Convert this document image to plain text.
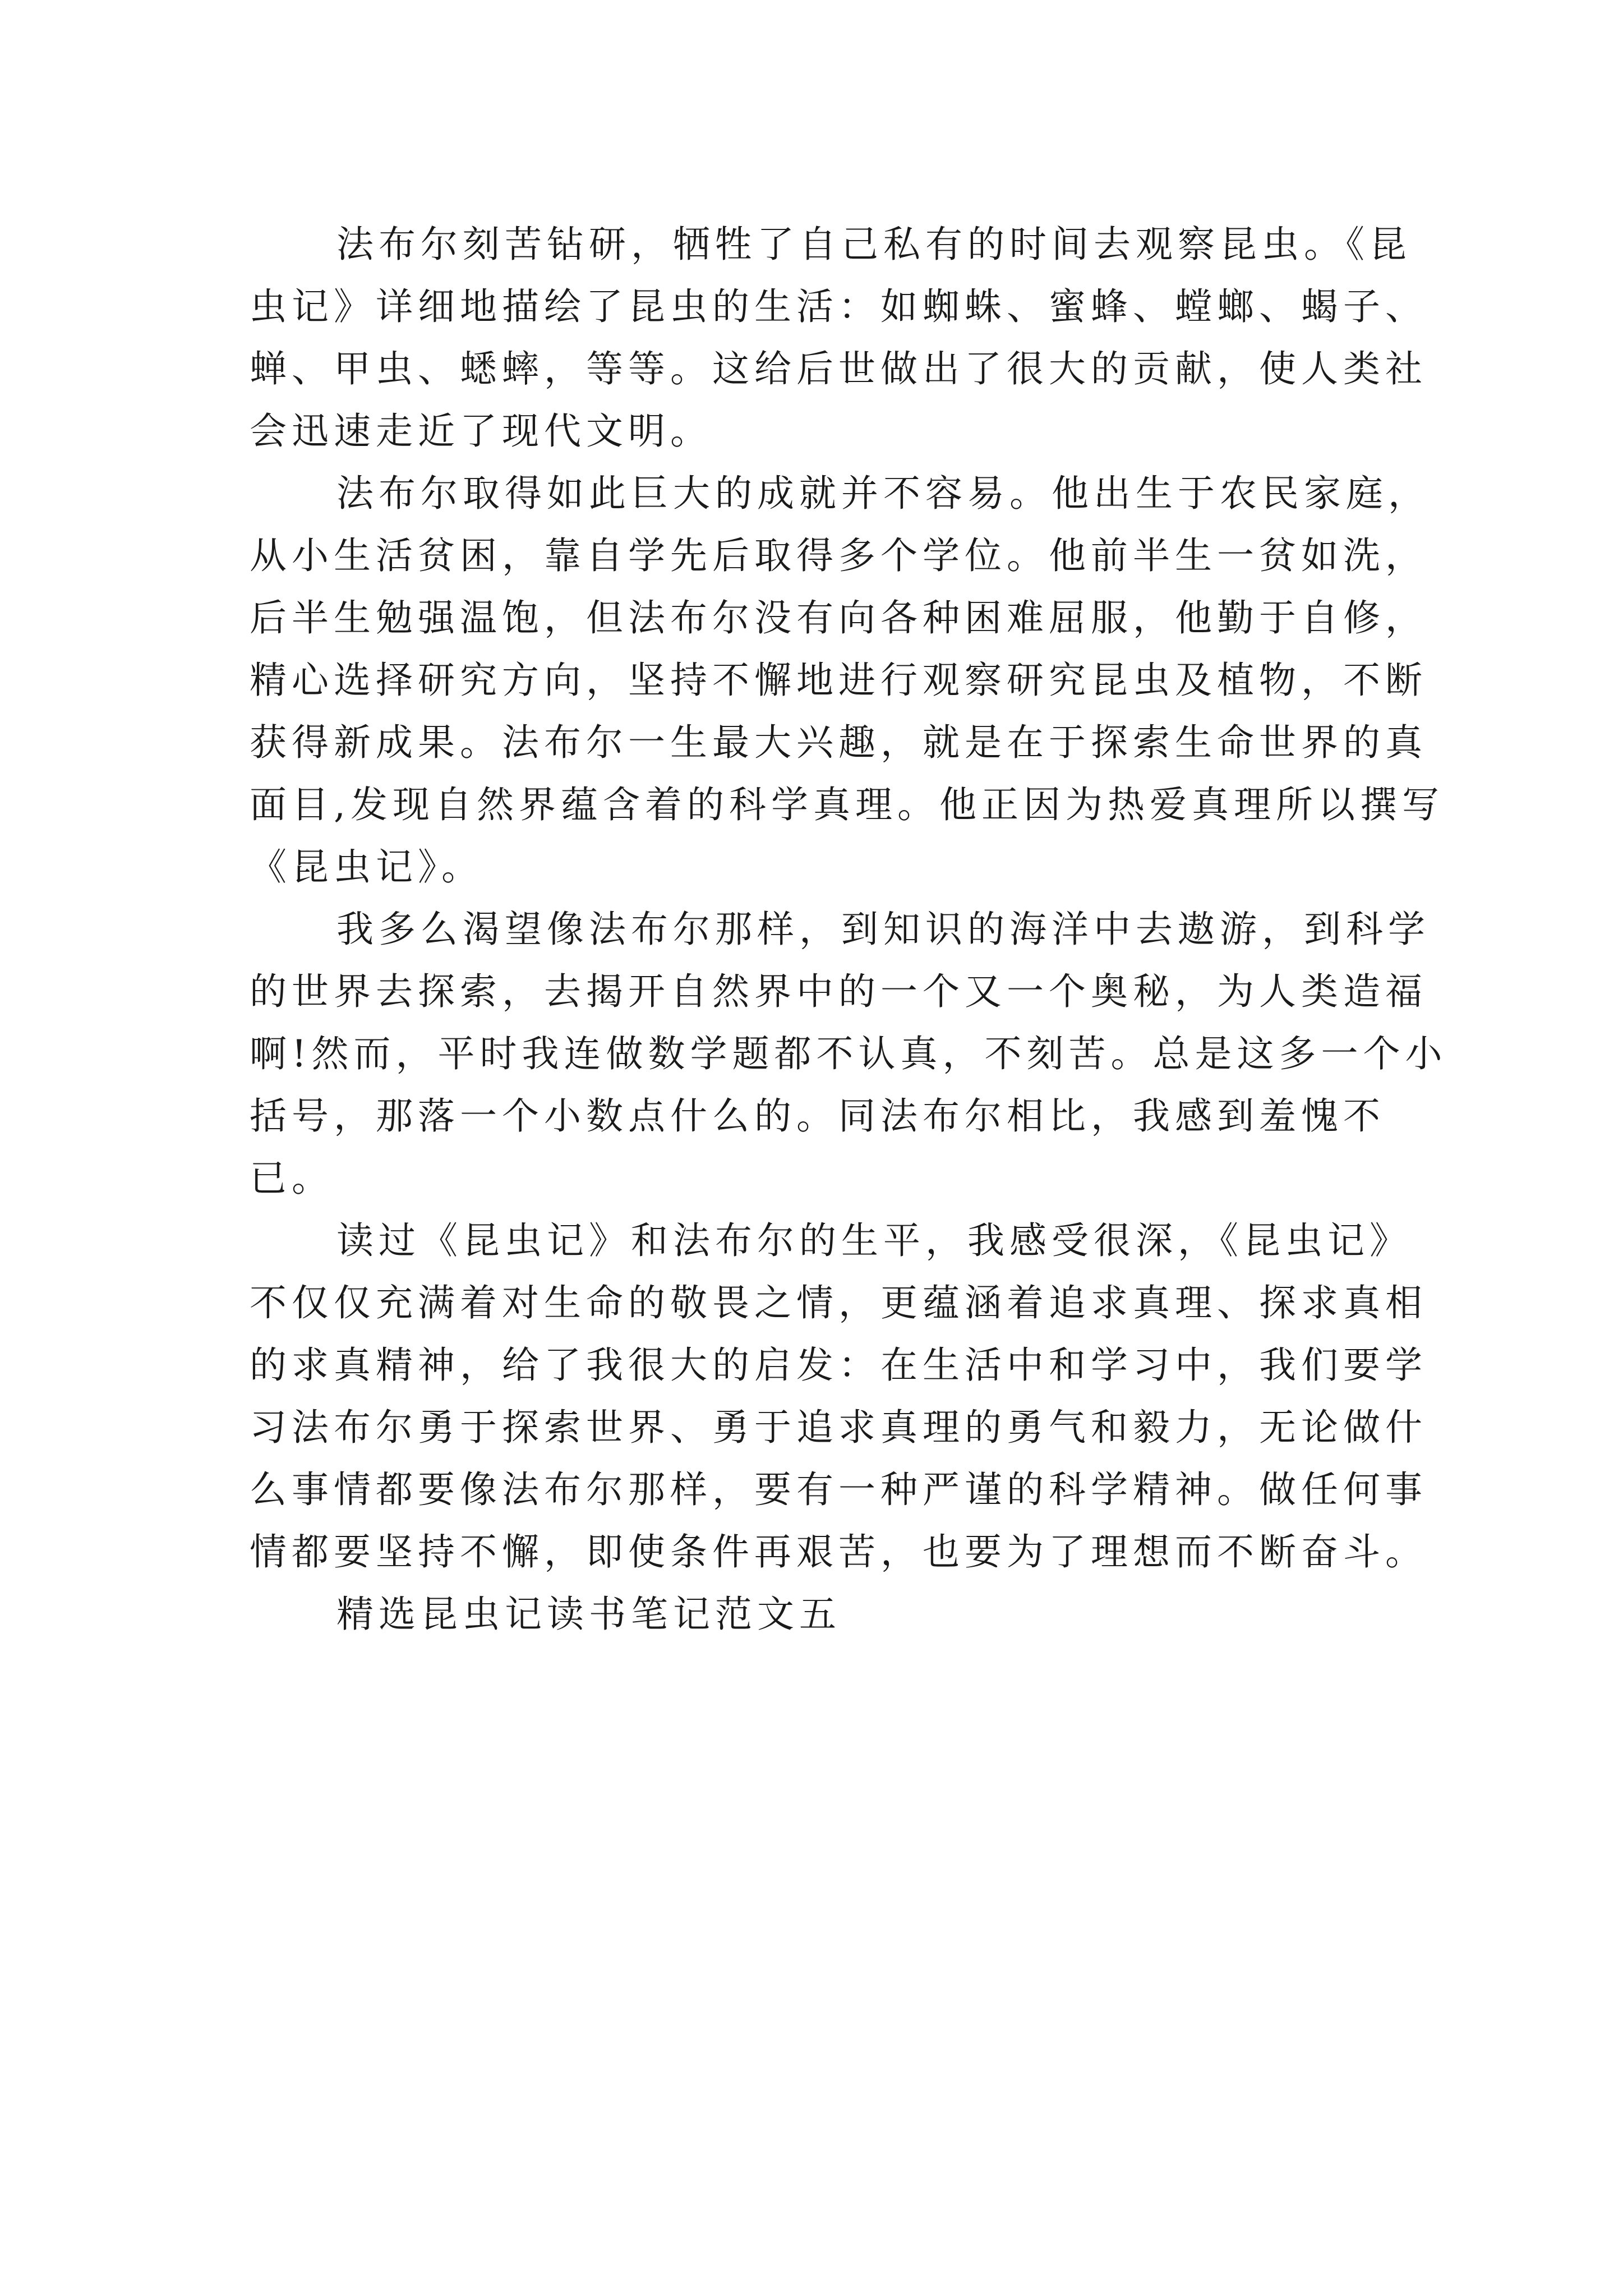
法布尔刻苦钻研，牺牲了自己私有的时间去观察昆虫。《昆虫记》详细地描绘了昆虫的生活：如蜘蛛、蜜蜂、螳螂、蝎子、蝉、甲虫、蟋蟀，等等。这给后世做出了很大的贡献，使人类社会迅速走近了现代文明。

法布尔取得如此巨大的成就并不容易。他出生于农民家庭，从小生活贫困，靠自学先后取得多个学位。他前半生一贫如洗，后半生勉强温饱，但法布尔没有向各种困难屈服，他勤于自修，精心选择研究方向，坚持不懈地进行观察研究昆虫及植物，不断获得新成果。法布尔一生最大兴趣，就是在于探索生命世界的真面目,发现自然界蕴含着的科学真理。他正因为热爱真理所以撰写《昆虫记》。

我多么渴望像法布尔那样，到知识的海洋中去遨游，到科学的世界去探索，去揭开自然界中的一个又一个奥秘，为人类造福啊!然而，平时我连做数学题都不认真，不刻苦。总是这多一个小括号，那落一个小数点什么的。同法布尔相比，我感到羞愧不已。

读过《昆虫记》和法布尔的生平，我感受很深，《昆虫记》不仅仅充满着对生命的敬畏之情，更蕴涵着追求真理、探求真相的求真精神，给了我很大的启发：在生活中和学习中，我们要学习法布尔勇于探索世界、勇于追求真理的勇气和毅力，无论做什么事情都要像法布尔那样，要有一种严谨的科学精神。做任何事情都要坚持不懈，即使条件再艰苦，也要为了理想而不断奋斗。

精选昆虫记读书笔记范文五
